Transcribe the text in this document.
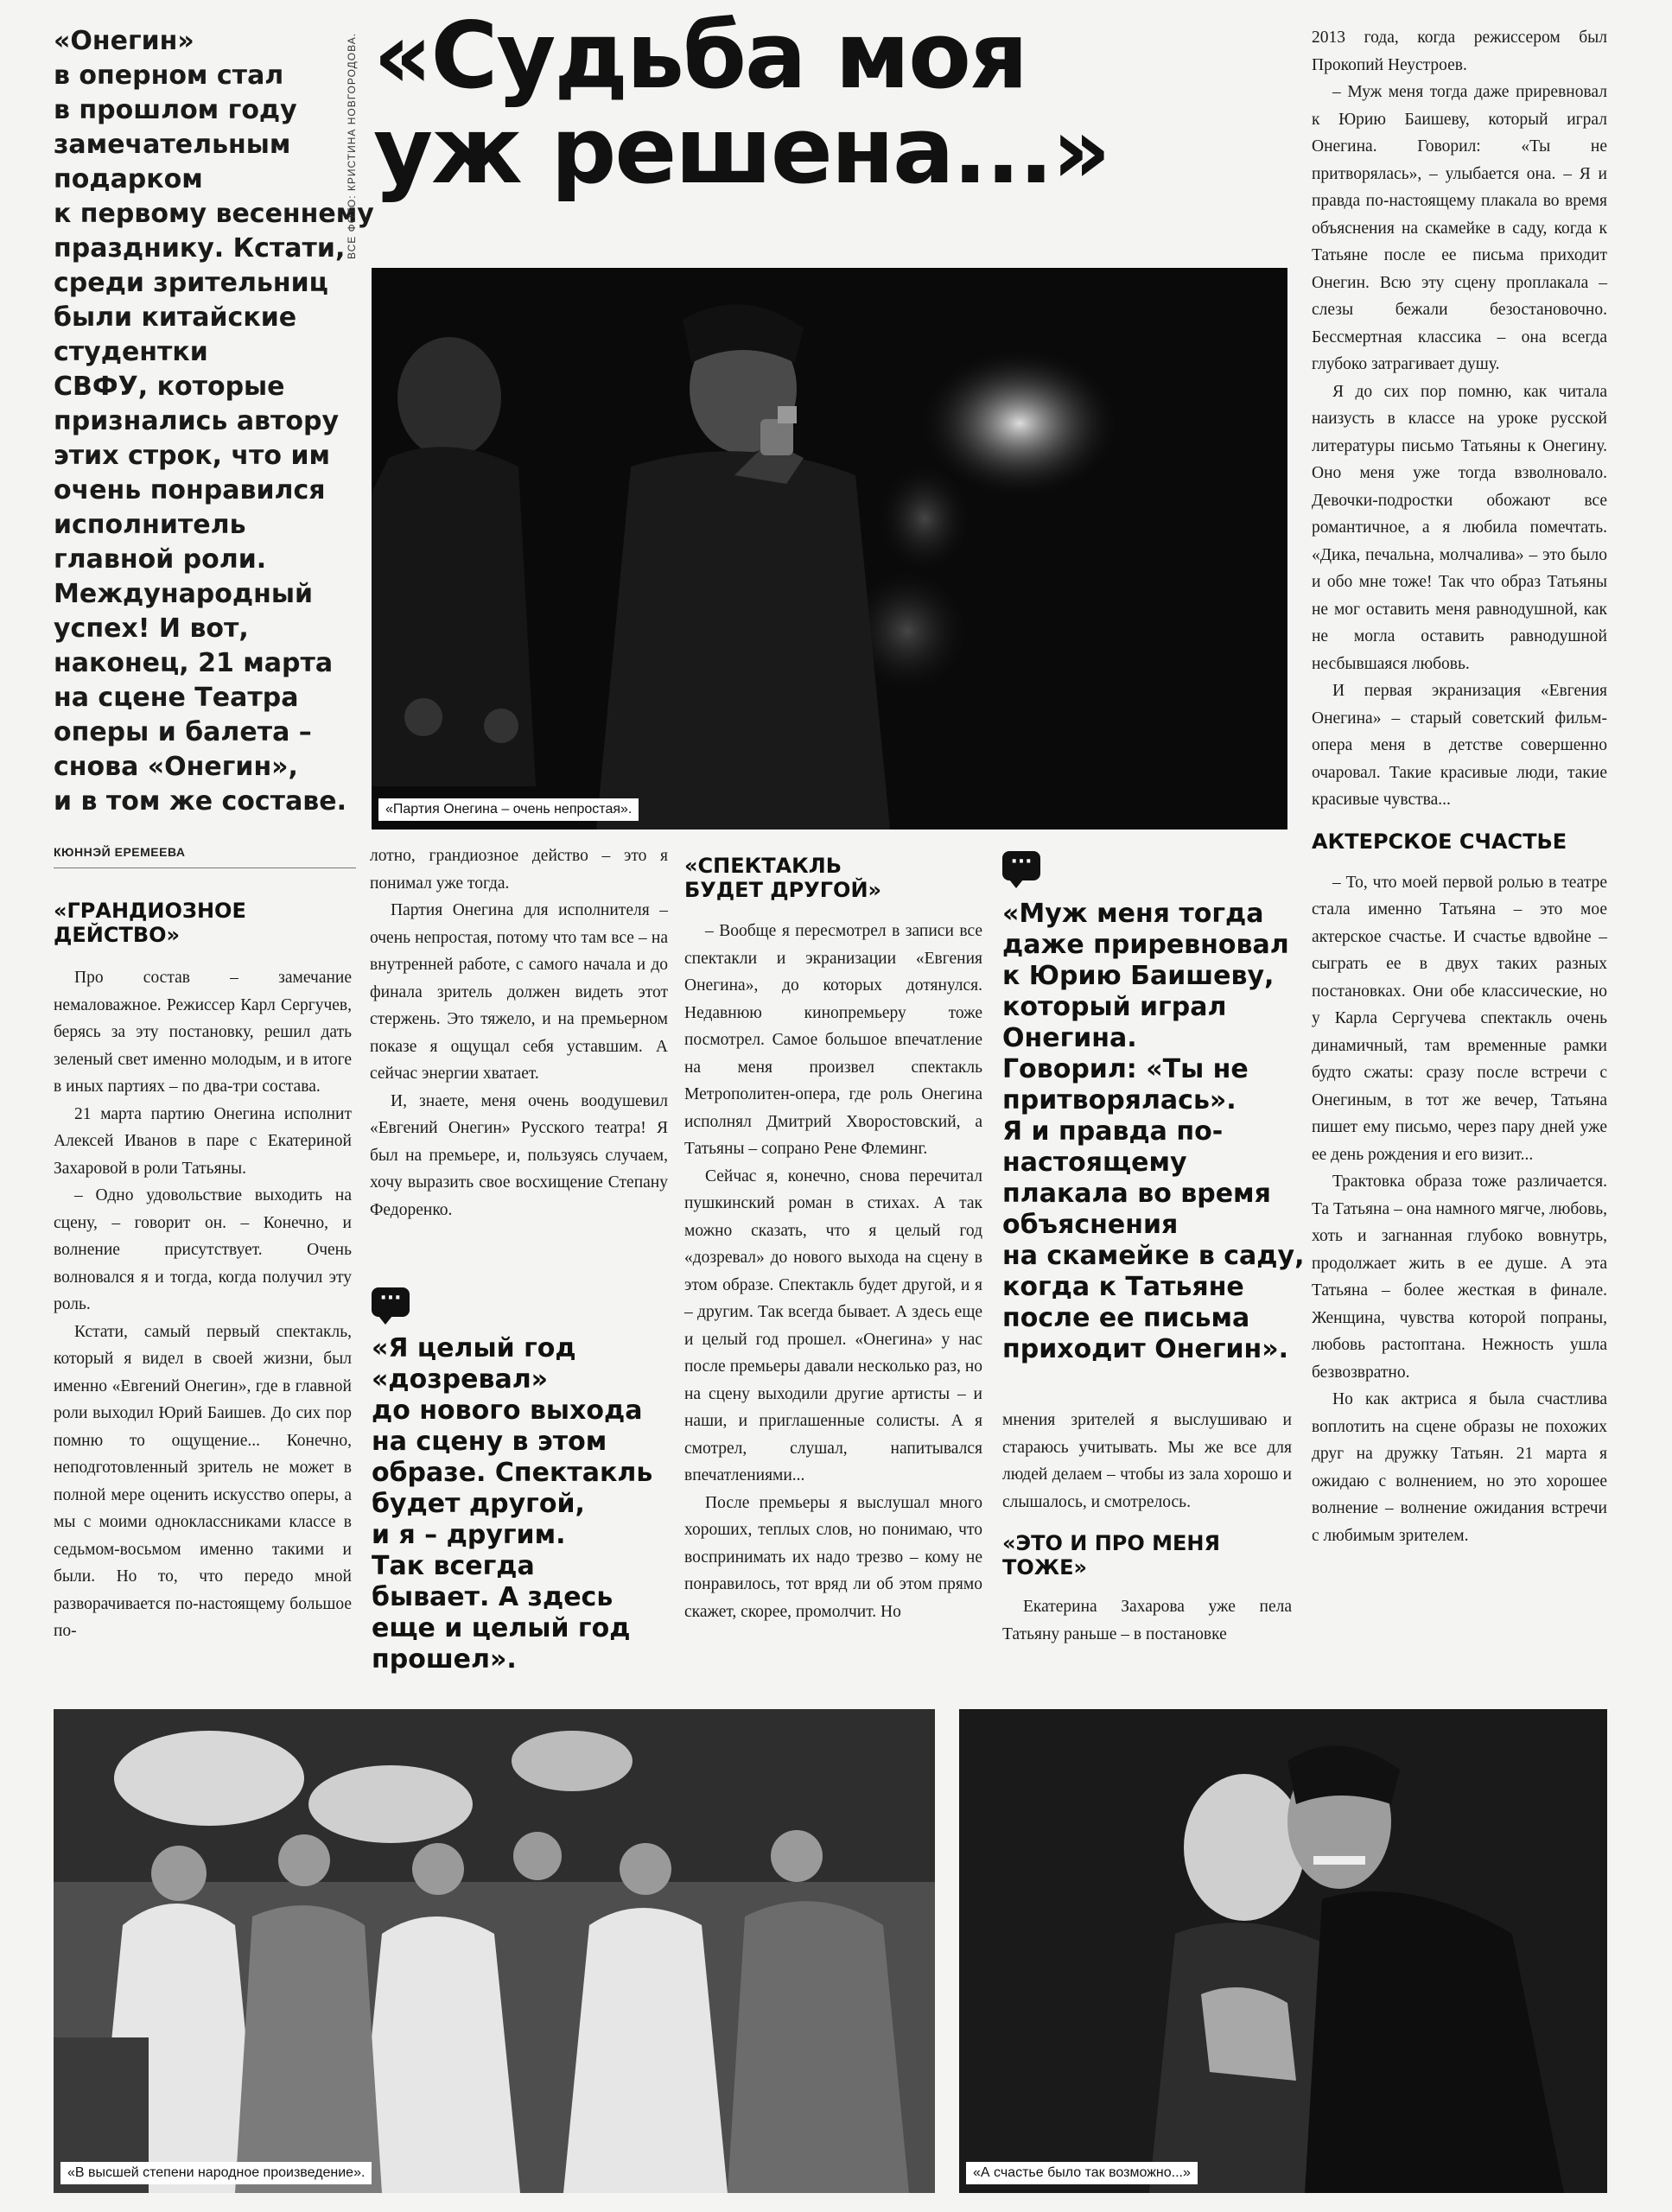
«Онегин»
в оперном стал
в прошлом году
замечательным
подарком
к первому весеннему
празднику. Кстати,
среди зрительниц
были китайские
студентки
СВФУ, которые
признались автору
этих строк, что им
очень понравился
исполнитель
главной роли.
Международный
успех! И вот,
наконец, 21 марта
на сцене Театра
оперы и балета –
снова «Онегин»,
и в том же составе.
«Судьба моя
уж решена...»
ВСЕ ФОТО: КРИСТИНА НОВГОРОДОВА.
«Партия Онегина – очень непростая».
КЮННЭЙ ЕРЕМЕЕВА
«ГРАНДИОЗНОЕ
ДЕЙСТВО»

Про состав – замечание немаловажное. Режиссер Карл Сергучев, берясь за эту постановку, решил дать зеленый свет именно молодым, и в итоге в иных партиях – по два-три состава.

21 марта партию Онегина исполнит Алексей Иванов в паре с Екатериной Захаровой в роли Татьяны.

– Одно удовольствие выходить на сцену, – говорит он. – Конечно, и волнение присутствует. Очень волновался я и тогда, когда получил эту роль.

Кстати, самый первый спектакль, который я видел в своей жизни, был именно «Евгений Онегин», где в главной роли выходил Юрий Баишев. До сих пор помню то ощущение... Конечно, неподготовленный зритель не может в полной мере оценить искусство оперы, а мы с моими одноклассниками классе в седьмом-восьмом именно такими и были. Но то, что передо мной разворачивается по-настоящему большое по-

лотно, грандиозное действо – это я понимал уже тогда.

Партия Онегина для исполнителя – очень непростая, потому что там все – на внутренней работе, с самого начала и до финала зритель должен видеть этот стержень. Это тяжело, и на премьерном показе я ощущал себя уставшим. А сейчас энергии хватает.

И, знаете, меня очень воодушевил «Евгений Онегин» Русского театра! Я был на премьере, и, пользуясь случаем, хочу выразить свое восхищение Степану Федоренко.

···
«Я целый год
«дозревал»
до нового выхода
на сцену в этом
образе. Спектакль
будет другой,
и я – другим.
Так всегда
бывает. А здесь
еще и целый год
прошел».
«СПЕКТАКЛЬ
БУДЕТ ДРУГОЙ»

– Вообще я пересмотрел в записи все спектакли и экранизации «Евгения Онегина», до которых дотянулся. Недавнюю кинопремьеру тоже посмотрел. Самое большое впечатление на меня произвел спектакль Метрополитен-опера, где роль Онегина исполнял Дмитрий Хворостовский, а Татьяны – сопрано Рене Флеминг.

Сейчас я, конечно, снова перечитал пушкинский роман в стихах. А так можно сказать, что я целый год «дозревал» до нового выхода на сцену в этом образе. Спектакль будет другой, и я – другим. Так всегда бывает. А здесь еще и целый год прошел. «Онегина» у нас после премьеры давали несколько раз, но на сцену выходили другие артисты – и наши, и приглашенные солисты. А я смотрел, слушал, напитывался впечатлениями...

После премьеры я выслушал много хороших, теплых слов, но понимаю, что воспринимать их надо трезво – кому не понравилось, тот вряд ли об этом прямо скажет, скорее, промолчит. Но

···
«Муж меня тогда
даже приревновал
к Юрию Баишеву,
который играл
Онегина.
Говорил: «Ты не
притворялась».
Я и правда по-
настоящему
плакала во время
объяснения
на скамейке в саду,
когда к Татьяне
после ее письма
приходит Онегин».

мнения зрителей я выслушиваю и стараюсь учитывать. Мы же все для людей делаем – чтобы из зала хорошо и слышалось, и смотрелось.

«ЭТО И ПРО МЕНЯ
ТОЖЕ»

Екатерина Захарова уже пела Татьяну раньше – в постановке

2013 года, когда режиссером был Прокопий Неустроев.

– Муж меня тогда даже приревновал к Юрию Баишеву, который играл Онегина. Говорил: «Ты не притворялась», – улыбается она. – Я и правда по-настоящему плакала во время объяснения на скамейке в саду, когда к Татьяне после ее письма приходит Онегин. Всю эту сцену проплакала – слезы бежали безостановочно. Бессмертная классика – она всегда глубоко затрагивает душу.

Я до сих пор помню, как читала наизусть в классе на уроке русской литературы письмо Татьяны к Онегину. Оно меня уже тогда взволновало. Девочки-подростки обожают все романтичное, а я любила помечтать. «Дика, печальна, молчалива» – это было и обо мне тоже! Так что образ Татьяны не мог оставить меня равнодушной, как не могла оставить равнодушной несбывшаяся любовь.

И первая экранизация «Евгения Онегина» – старый советский фильм-опера меня в детстве совершенно очаровал. Такие красивые люди, такие красивые чувства...

АКТЕРСКОЕ СЧАСТЬЕ

– То, что моей первой ролью в театре стала именно Татьяна – это мое актерское счастье. И счастье вдвойне – сыграть ее в двух таких разных постановках. Они обе классические, но у Карла Сергучева спектакль очень динамичный, там временные рамки будто сжаты: сразу после встречи с Онегиным, в тот же вечер, Татьяна пишет ему письмо, через пару дней уже ее день рождения и его визит...

Трактовка образа тоже различается. Та Татьяна – она намного мягче, любовь, хоть и загнанная глубоко вовнутрь, продолжает жить в ее душе. А эта Татьяна – более жесткая в финале. Женщина, чувства которой попраны, любовь растоптана. Нежность ушла безвозвратно.

Но как актриса я была счастлива воплотить на сцене образы не похожих друг на дружку Татьян. 21 марта я ожидаю с волнением, но это хорошее волнение – волнение ожидания встречи с любимым зрителем.

«В высшей степени народное произведение».	«А счастье было так возможно...»
